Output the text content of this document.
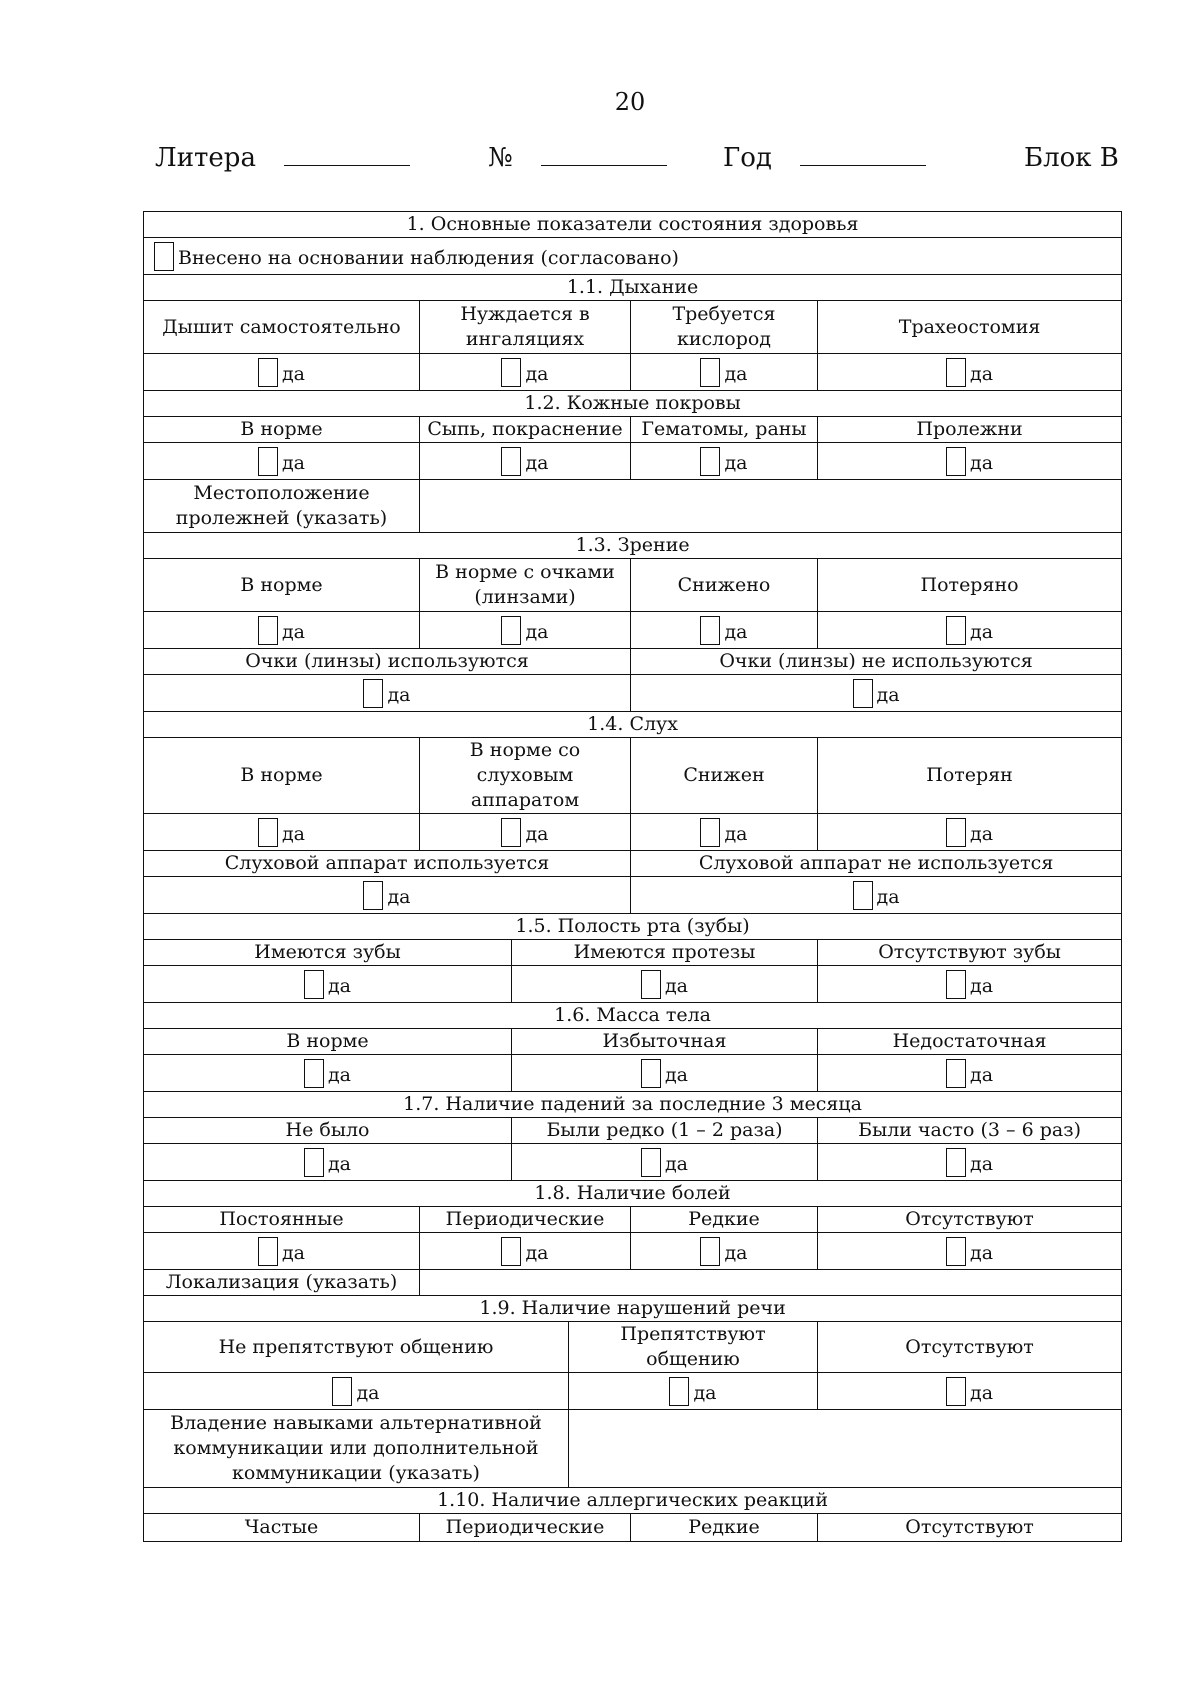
20
Литера	№	Год	Блок В
1. Основные показатели состояния здоровья					
Внесено на основании наблюдения (согласовано)					
1.1. Дыхание					
Дышит самостоятельно	Нуждается в ингаляциях			Требуется кислород	Трахеостомия
да	да			да	да
1.2. Кожные покровы					
В норме	Сыпь, покраснение			Гематомы, раны	Пролежни
да	да			да	да
Местоположение пролежней (указать)					
1.3. Зрение					
В норме	В норме с очками (линзами)			Снижено	Потеряно
да	да			да	да
Очки (линзы) используются				Очки (линзы) не используются	
да				да	
1.4. Слух					
В норме	В норме со слуховым аппаратом			Снижен	Потерян
да	да			да	да
Слуховой аппарат используется				Слуховой аппарат не используется	
да				да	
1.5. Полость рта (зубы)					
Имеются зубы		Имеются протезы			Отсутствуют зубы
да		да			да
1.6. Масса тела					
В норме		Избыточная			Недостаточная
да		да			да
1.7. Наличие падений за последние 3 месяца					
Не было		Были редко (1 – 2 раза)			Были часто (3 – 6 раз)
да		да			да
1.8. Наличие болей					
Постоянные	Периодические			Редкие	Отсутствуют
да	да			да	да
Локализация (указать)					
1.9. Наличие нарушений речи					
Не препятствуют общению			Препятствуют общению		Отсутствуют
да			да		да
Владение навыками альтернативной коммуникации или дополнительной коммуникации (указать)					
1.10. Наличие аллергических реакций					
Частые	Периодические			Редкие	Отсутствуют
